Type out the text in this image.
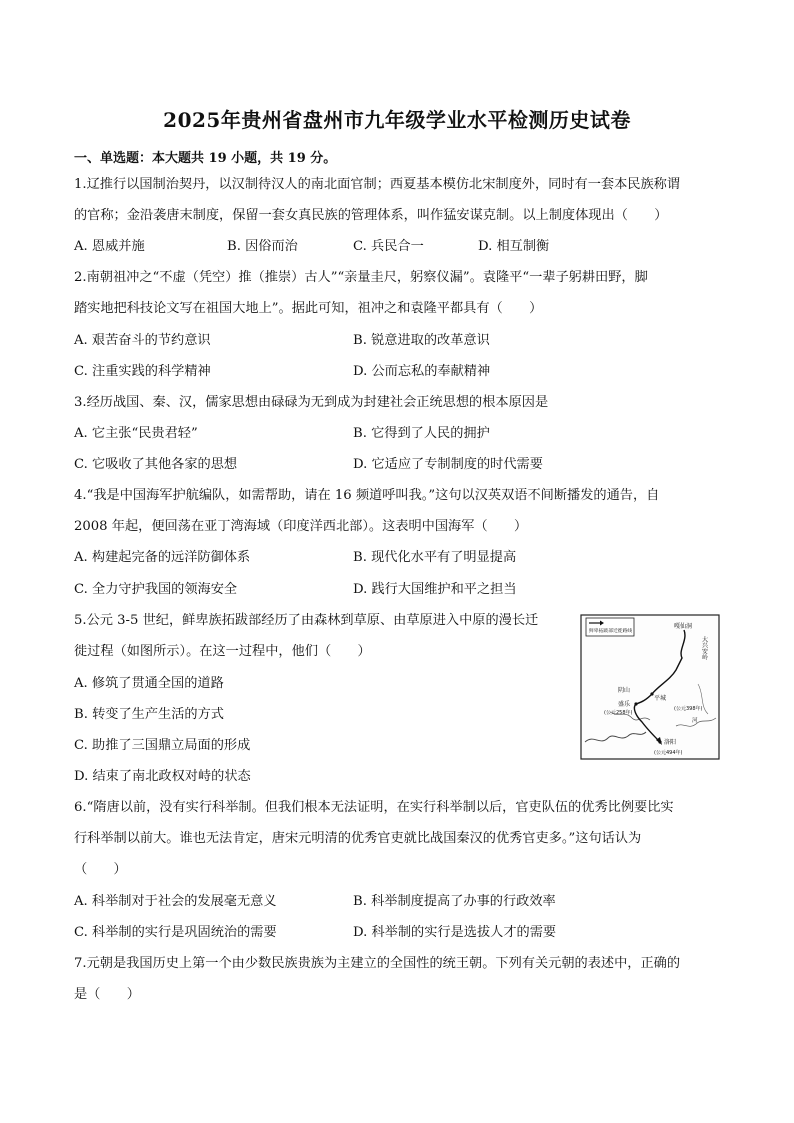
2025年贵州省盘州市九年级学业水平检测历史试卷
一、单选题：本大题共 19 小题，共 19 分。
1.辽推行以国制治契丹，以汉制待汉人的南北面官制；西夏基本模仿北宋制度外，同时有一套本民族称谓
的官称；金沿袭唐末制度，保留一套女真民族的管理体系，叫作猛安谋克制。以上制度体现出（　　）
A. 恩威并施	B. 因俗而治	C. 兵民合一	D. 相互制衡
2.南朝祖冲之“不虚（凭空）推（推崇）古人”“亲量圭尺，躬察仪漏”。袁隆平“一辈子躬耕田野，脚
踏实地把科技论文写在祖国大地上”。据此可知，祖冲之和袁隆平都具有（　　）
A. 艰苦奋斗的节约意识	B. 锐意进取的改革意识
C. 注重实践的科学精神	D. 公而忘私的奉献精神
3.经历战国、秦、汉，儒家思想由碌碌为无到成为封建社会正统思想的根本原因是
A. 它主张“民贵君轻”	B. 它得到了人民的拥护
C. 它吸收了其他各家的思想	D. 它适应了专制制度的时代需要
4.“我是中国海军护航编队，如需帮助，请在 16 频道呼叫我。”这句以汉英双语不间断播发的通告，自
2008 年起，便回荡在亚丁湾海域（印度洋西北部）。这表明中国海军（　　）
A. 构建起完备的远洋防御体系	B. 现代化水平有了明显提高
C. 全力守护我国的领海安全	D. 践行大国维护和平之担当
5.公元 3-5 世纪，鲜卑族拓跋部经历了由森林到草原、由草原进入中原的漫长迁
徙过程（如图所示）。在这一过程中，他们（　　）
A. 修筑了贯通全国的道路
B. 转变了生产生活的方式
C. 助推了三国鼎立局面的形成
D. 结束了南北政权对峙的状态
鲜卑拓跋部迁徙路线
嘎仙洞
大兴安岭
阴山
盛乐
(公元258年)
平城
(公元398年)
河
洛阳
(公元494年)
6.“隋唐以前，没有实行科举制。但我们根本无法证明，在实行科举制以后，官吏队伍的优秀比例要比实
行科举制以前大。谁也无法肯定，唐宋元明清的优秀官吏就比战国秦汉的优秀官吏多。”这句话认为
（　　）
A. 科举制对于社会的发展毫无意义	B. 科举制度提高了办事的行政效率
C. 科举制的实行是巩固统治的需要	D. 科举制的实行是选拔人才的需要
7.元朝是我国历史上第一个由少数民族贵族为主建立的全国性的统王朝。下列有关元朝的表述中，正确的
是（　　）
